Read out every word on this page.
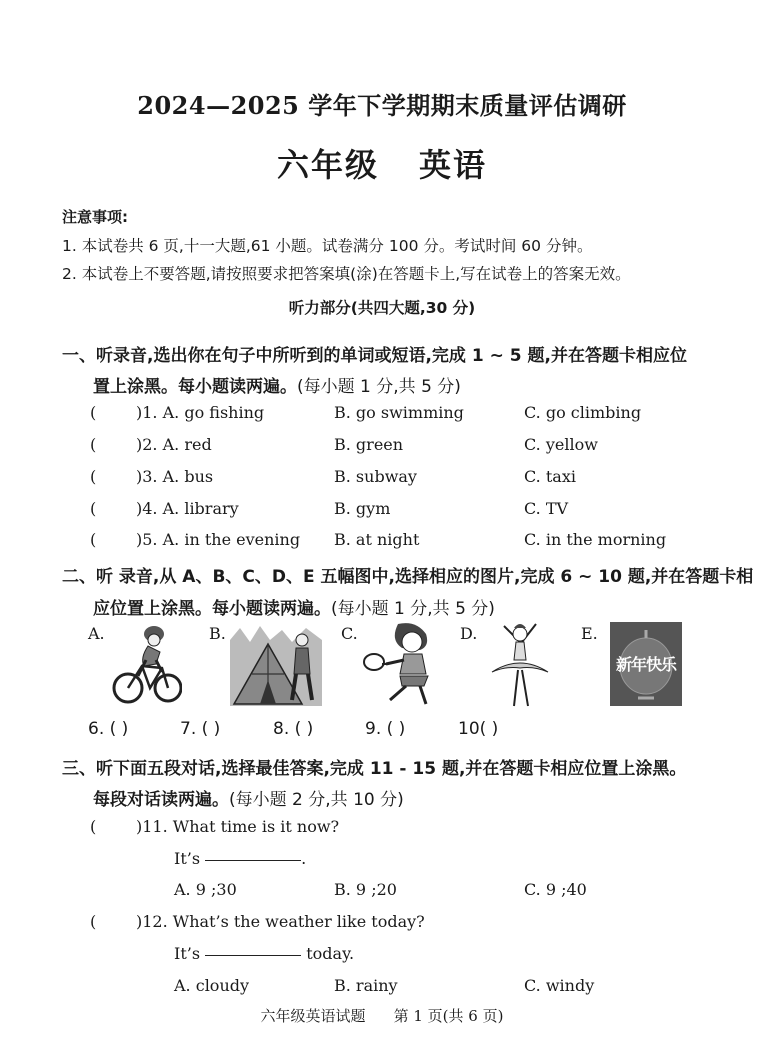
2024—2025 学年下学期期末质量评估调研
六年级 英语
注意事项:
1. 本试卷共 6 页,十一大题,61 小题。试卷满分 100 分。考试时间 60 分钟。
2. 本试卷上不要答题,请按照要求把答案填(涂)在答题卡上,写在试卷上的答案无效。
听力部分(共四大题,30 分)
一、听录音,选出你在句子中所听到的单词或短语,完成 1 ~ 5 题,并在答题卡相应位
置上涂黑。每小题读两遍。(每小题 1 分,共 5 分)
( )1. A. go fishing	B. go swimming	C. go climbing
( )2. A. red	B. green	C. yellow
( )3. A. bus	B. subway	C. taxi
( )4. A. library	B. gym	C. TV
( )5. A. in the evening B. at night	C. in the morning
二、听 录音,从 A、B、C、D、E 五幅图中,选择相应的图片,完成 6 ~ 10 题,并在答题卡相
应位置上涂黑。每小题读两遍。(每小题 1 分,共 5 分)
A.	B.	C.	D.	E.
新年快乐
6. ( )	7. ( )	8. ( )	9. ( )	10( )
三、听下面五段对话,选择最佳答案,完成 11 - 15 题,并在答题卡相应位置上涂黑。
每段对话读两遍。(每小题 2 分,共 10 分)
( )11. What time is it now?
It’s	.
A. 9 ;30	B. 9 ;20	C. 9 ;40
( )12. What’s the weather like today?
It’s	today.
A. cloudy	B. rainy	C. windy
六年级英语试题 第 1 页(共 6 页)
